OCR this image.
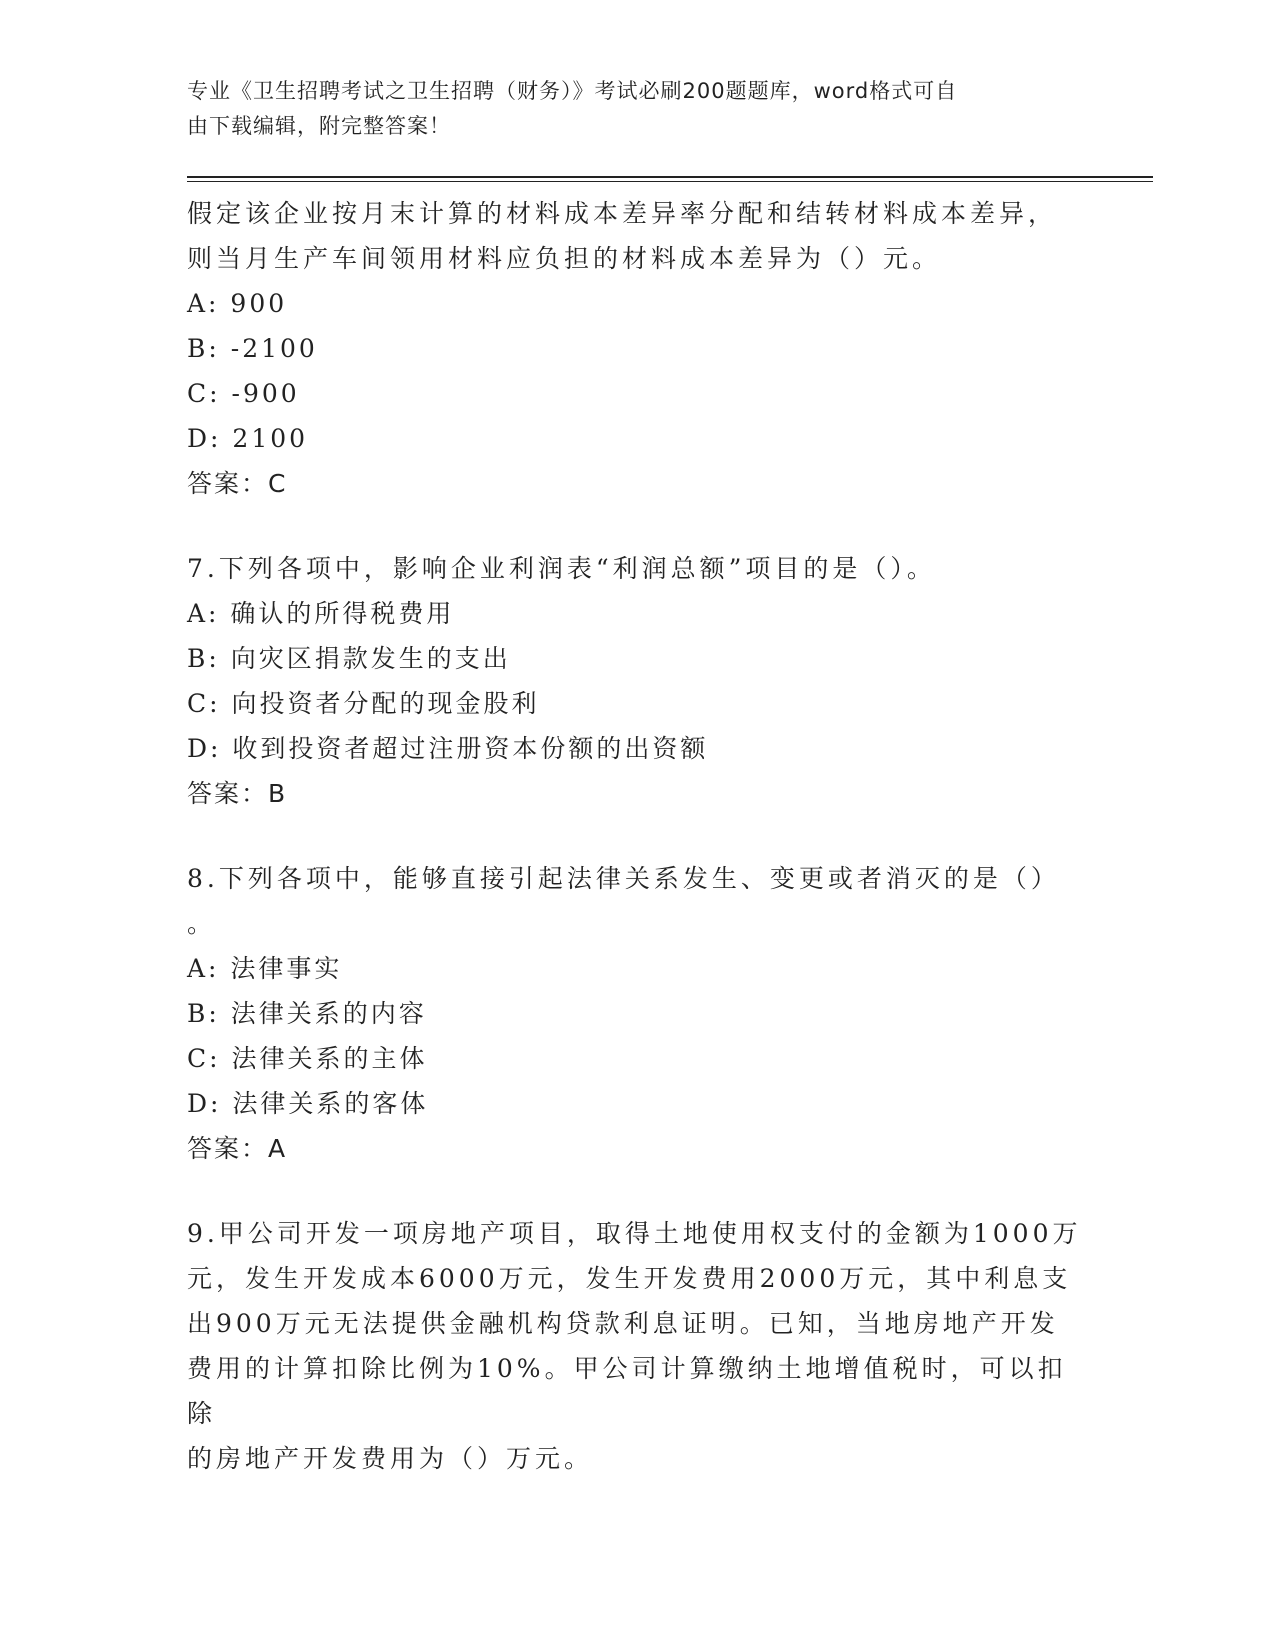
专业《卫生招聘考试之卫生招聘（财务）》考试必刷200题题库，word格式可自
由下载编辑，附完整答案！

假定该企业按月末计算的材料成本差异率分配和结转材料成本差异，

则当月生产车间领用材料应负担的材料成本差异为（）元。

A: 900

B: -2100

C: -900

D: 2100

答案：C

7.下列各项中，影响企业利润表“利润总额”项目的是（）。

A: 确认的所得税费用

B: 向灾区捐款发生的支出

C: 向投资者分配的现金股利

D: 收到投资者超过注册资本份额的出资额

答案：B

8.下列各项中，能够直接引起法律关系发生、变更或者消灭的是（）

。

A: 法律事实

B: 法律关系的内容

C: 法律关系的主体

D: 法律关系的客体

答案：A

9.甲公司开发一项房地产项目，取得土地使用权支付的金额为1000万

元，发生开发成本6000万元，发生开发费用2000万元，其中利息支

出900万元无法提供金融机构贷款利息证明。已知，当地房地产开发

费用的计算扣除比例为10%。甲公司计算缴纳土地增值税时，可以扣除

的房地产开发费用为（）万元。
